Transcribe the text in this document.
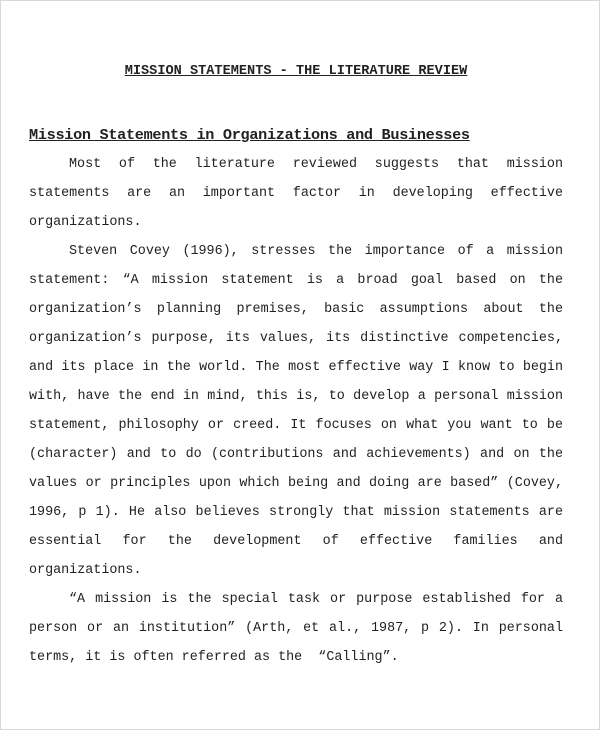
MISSION STATEMENTS - THE LITERATURE REVIEW
Mission Statements in Organizations and Businesses
Most of the literature reviewed suggests that mission
statements are an important factor in developing effective
organizations.
Steven Covey (1996), stresses the importance of a mission
statement: “A mission statement is a broad goal based on the
organization’s planning premises, basic assumptions about the
organization’s purpose, its values, its distinctive competencies,
and its place in the world. The most effective way I know to begin
with, have the end in mind, this is, to develop a personal mission
statement, philosophy or creed. It focuses on what you want to be
(character) and to do (contributions and achievements) and on the
values or principles upon which being and doing are based” (Covey,
1996, p 1). He also believes strongly that mission statements are
essential for the development of effective families and
organizations.
“A mission is the special task or purpose established for a
person or an institution” (Arth, et al., 1987, p 2). In personal
terms, it is often referred as the  “Calling”.
